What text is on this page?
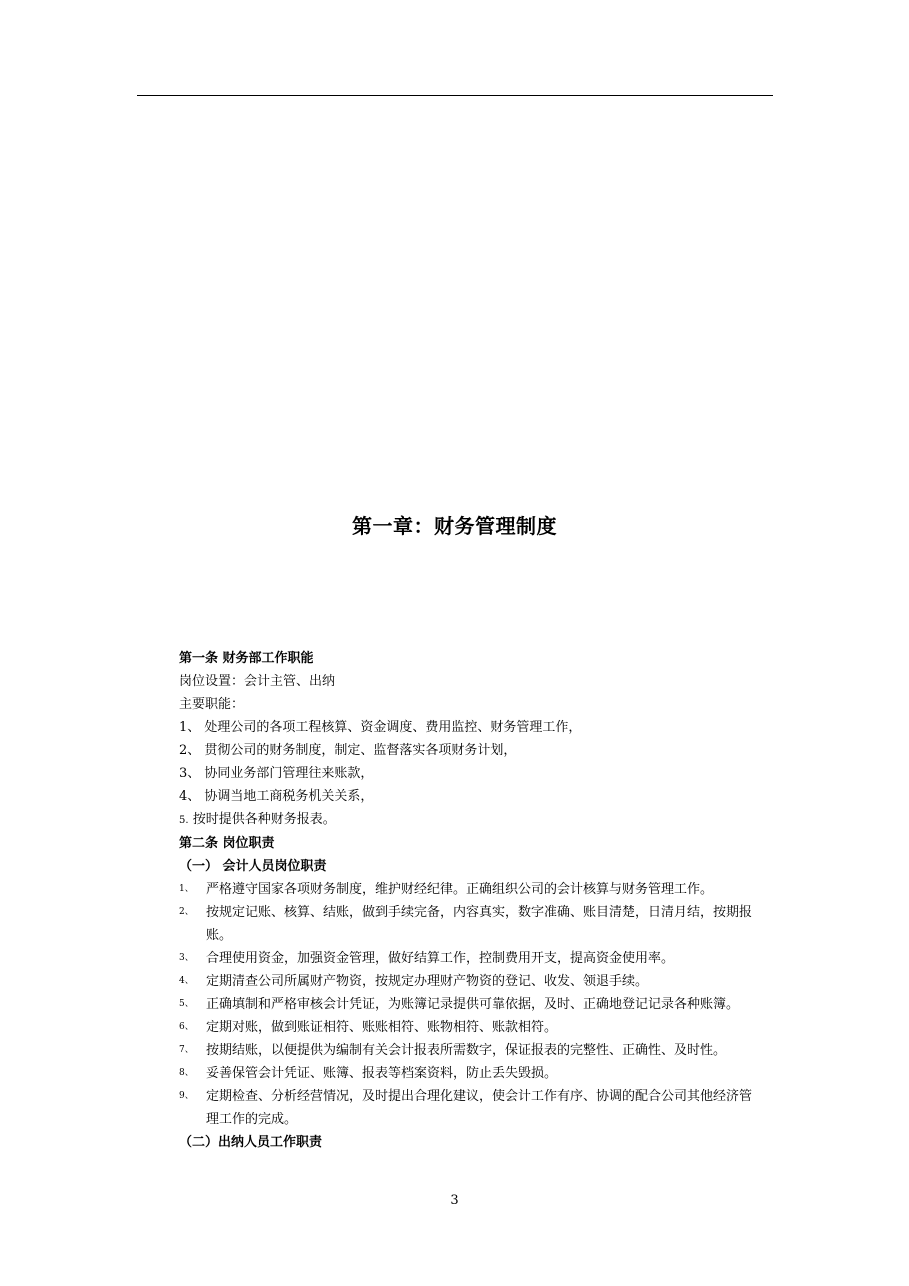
第一章：财务管理制度
第一条 财务部工作职能
岗位设置：会计主管、出纳
主要职能：
1、 处理公司的各项工程核算、资金调度、费用监控、财务管理工作，
2、 贯彻公司的财务制度，制定、监督落实各项财务计划，
3、 协同业务部门管理往来账款，
4、 协调当地工商税务机关关系，
5. 按时提供各种财务报表。
第二条 岗位职责
（一） 会计人员岗位职责
1、 严格遵守国家各项财务制度，维护财经纪律。正确组织公司的会计核算与财务管理工作。
2、 按规定记账、核算、结账，做到手续完备，内容真实，数字准确、账目清楚，日清月结，按期报
账。
3、 合理使用资金，加强资金管理，做好结算工作，控制费用开支，提高资金使用率。
4、 定期清查公司所属财产物资，按规定办理财产物资的登记、收发、领退手续。
5、 正确填制和严格审核会计凭证，为账簿记录提供可靠依据，及时、正确地登记记录各种账簿。
6、 定期对账，做到账证相符、账账相符、账物相符、账款相符。
7、 按期结账，以便提供为编制有关会计报表所需数字，保证报表的完整性、正确性、及时性。
8、 妥善保管会计凭证、账簿、报表等档案资料，防止丢失毁损。
9、 定期检查、分析经营情况，及时提出合理化建议，使会计工作有序、协调的配合公司其他经济管
理工作的完成。
（二）出纳人员工作职责
3
